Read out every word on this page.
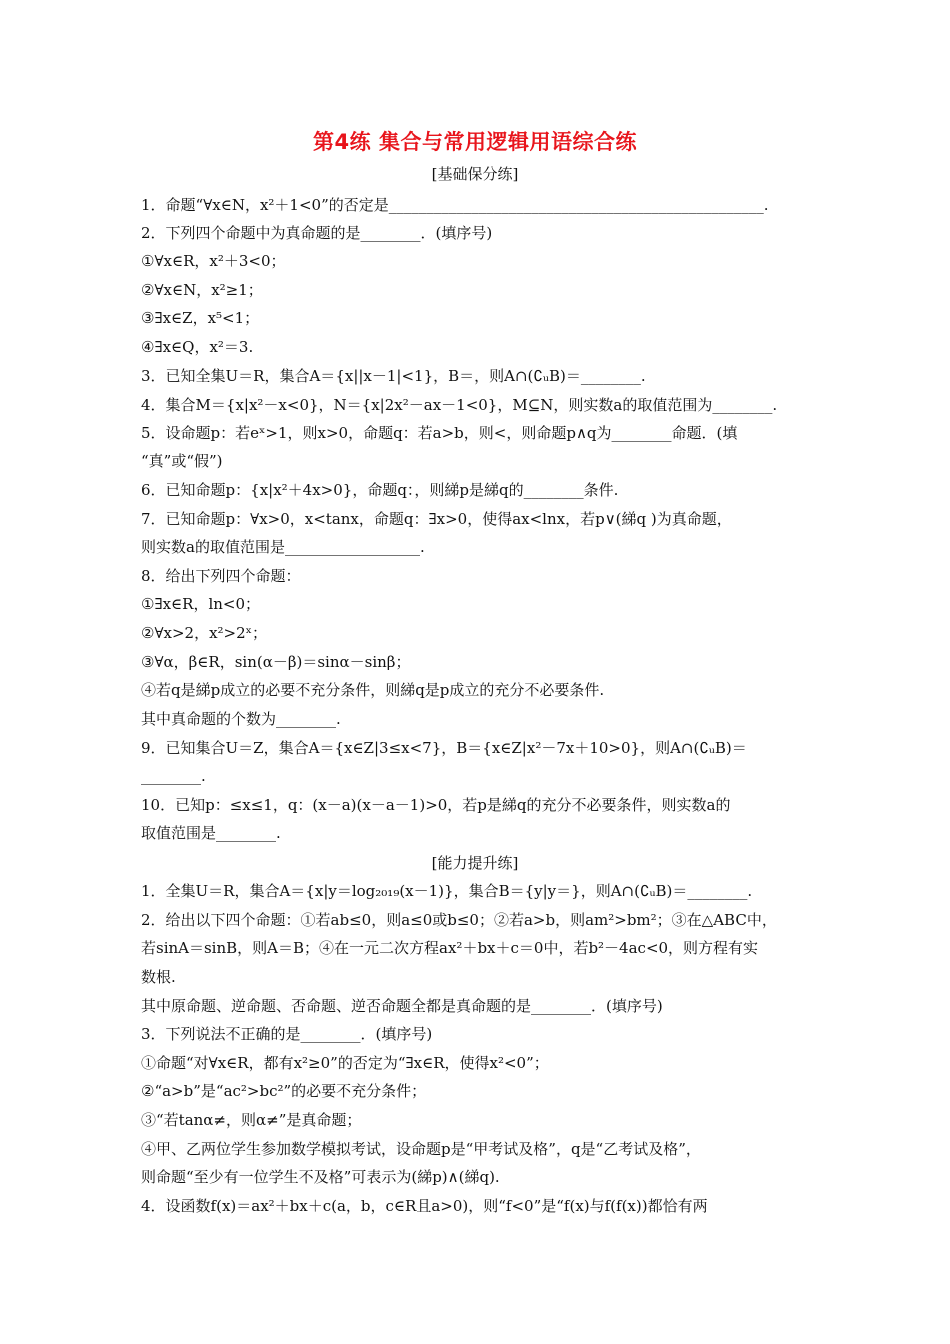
第4练 集合与常用逻辑用语综合练
[基础保分练]
[能力提升练]
1．命题“∀x∈N，x²＋1<0”的否定是__________________________________________________.
2．下列四个命题中为真命题的是________．(填序号)
①∀x∈R，x²＋3<0；
②∀x∈N，x²≥1；
③∃x∈Z，x⁵<1；
④∃x∈Q，x²＝3.
3．已知全集U＝R，集合A＝{x||x－1|<1}，B＝，则A∩(∁ᵤB)＝________.
4．集合M＝{x|x²－x<0}，N＝{x|2x²－ax－1<0}，M⊆N，则实数a的取值范围为________.
5．设命题p：若eˣ>1，则x>0，命题q：若a>b，则<，则命题p∧q为________命题．(填
“真”或“假”)
6．已知命题p：{x|x²＋4x>0}，命题q：，则綈p是綈q的________条件.
7．已知命题p：∀x>0，x<tanx，命题q：∃x>0，使得ax<lnx，若p∨(綈q )为真命题，
则实数a的取值范围是__________________.
8．给出下列四个命题：
①∃x∈R，ln<0；
②∀x>2，x²>2ˣ；
③∀α，β∈R，sin(α－β)＝sinα－sinβ；
④若q是綈p成立的必要不充分条件，则綈q是p成立的充分不必要条件.
其中真命题的个数为________.
9．已知集合U＝Z，集合A＝{x∈Z|3≤x<7}，B＝{x∈Z|x²－7x＋10>0}，则A∩(∁ᵤB)＝
________.
10．已知p：≤x≤1，q：(x－a)(x－a－1)>0，若p是綈q的充分不必要条件，则实数a的
取值范围是________.
1．全集U＝R，集合A＝{x|y＝log₂₀₁₉(x－1)}，集合B＝{y|y＝}，则A∩(∁ᵤB)＝________.
2．给出以下四个命题：①若ab≤0，则a≤0或b≤0；②若a>b，则am²>bm²；③在△ABC中，
若sinA＝sinB，则A＝B；④在一元二次方程ax²＋bx＋c＝0中，若b²－4ac<0，则方程有实
数根.
其中原命题、逆命题、否命题、逆否命题全都是真命题的是________．(填序号)
3．下列说法不正确的是________．(填序号)
①命题“对∀x∈R，都有x²≥0”的否定为“∃x∈R，使得x²<0”；
②“a>b”是“ac²>bc²”的必要不充分条件；
③“若tanα≠，则α≠”是真命题；
④甲、乙两位学生参加数学模拟考试，设命题p是“甲考试及格”，q是“乙考试及格”，
则命题“至少有一位学生不及格”可表示为(綈p)∧(綈q).
4．设函数f(x)＝ax²＋bx＋c(a，b，c∈R且a>0)，则“f<0”是“f(x)与f(f(x))都恰有两
